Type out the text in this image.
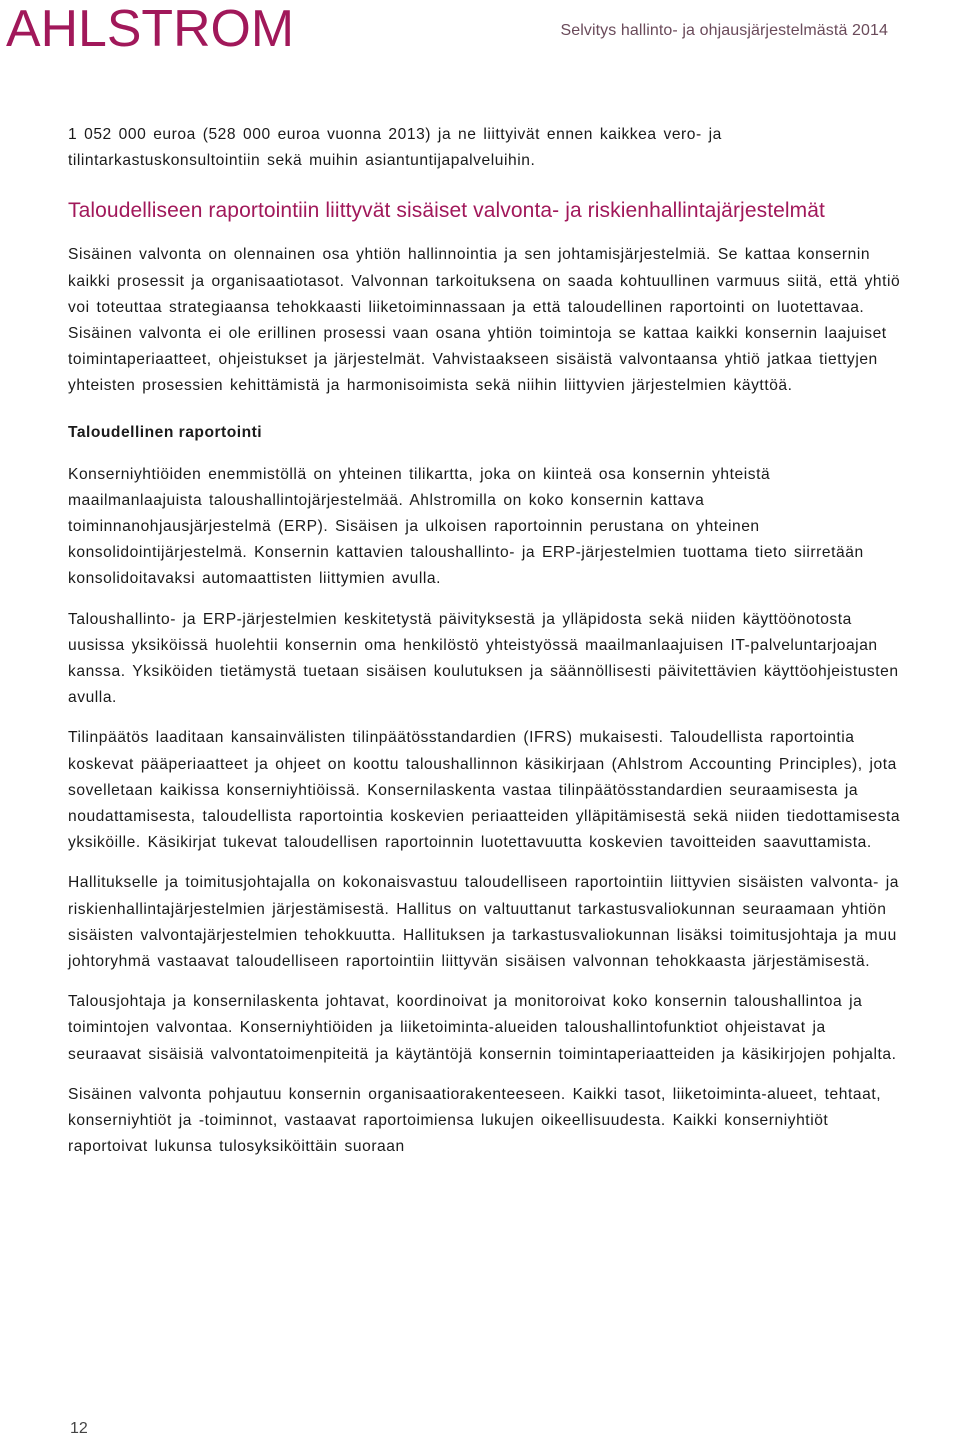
AHLSTROM	Selvitys hallinto- ja ohjausjärjestelmästä 2014

1 052 000 euroa (528 000 euroa vuonna 2013) ja ne liittyivät ennen kaikkea vero- ja tilintarkastuskonsultointiin sekä muihin asiantuntijapalveluihin.

Taloudelliseen raportointiin liittyvät sisäiset valvonta- ja riskienhallintajärjestelmät

Sisäinen valvonta on olennainen osa yhtiön hallinnointia ja sen johtamisjärjestelmiä. Se kattaa konsernin kaikki prosessit ja organisaatiotasot. Valvonnan tarkoituksena on saada kohtuullinen varmuus siitä, että yhtiö voi toteuttaa strategiaansa tehokkaasti liiketoiminnassaan ja että taloudellinen raportointi on luotettavaa. Sisäinen valvonta ei ole erillinen prosessi vaan osana yhtiön toimintoja se kattaa kaikki konsernin laajuiset toimintaperiaatteet, ohjeistukset ja järjestelmät. Vahvistaakseen sisäistä valvontaansa yhtiö jatkaa tiettyjen yhteisten prosessien kehittämistä ja harmonisoimista sekä niihin liittyvien järjestelmien käyttöä.

Taloudellinen raportointi

Konserniyhtiöiden enemmistöllä on yhteinen tilikartta, joka on kiinteä osa konsernin yhteistä maailmanlaajuista taloushallintojärjestelmää. Ahlstromilla on koko konsernin kattava toiminnanohjausjärjestelmä (ERP). Sisäisen ja ulkoisen raportoinnin perustana on yhteinen konsolidointijärjestelmä. Konsernin kattavien taloushallinto- ja ERP-järjestelmien tuottama tieto siirretään konsolidoitavaksi automaattisten liittymien avulla.

Taloushallinto- ja ERP-järjestelmien keskitetystä päivityksestä ja ylläpidosta sekä niiden käyttöönotosta uusissa yksiköissä huolehtii konsernin oma henkilöstö yhteistyössä maailmanlaajuisen IT-palveluntarjoajan kanssa. Yksiköiden tietämystä tuetaan sisäisen koulutuksen ja säännöllisesti päivitettävien käyttöohjeistusten avulla.

Tilinpäätös laaditaan kansainvälisten tilinpäätösstandardien (IFRS) mukaisesti. Taloudellista raportointia koskevat pääperiaatteet ja ohjeet on koottu taloushallinnon käsikirjaan (Ahlstrom Accounting Principles), jota sovelletaan kaikissa konserniyhtiöissä. Konsernilaskenta vastaa tilinpäätösstandardien seuraamisesta ja noudattamisesta, taloudellista raportointia koskevien periaatteiden ylläpitämisestä sekä niiden tiedottamisesta yksiköille. Käsikirjat tukevat taloudellisen raportoinnin luotettavuutta koskevien tavoitteiden saavuttamista.

Hallitukselle ja toimitusjohtajalla on kokonaisvastuu taloudelliseen raportointiin liittyvien sisäisten valvonta- ja riskienhallintajärjestelmien järjestämisestä. Hallitus on valtuuttanut tarkastusvaliokunnan seuraamaan yhtiön sisäisten valvontajärjestelmien tehokkuutta. Hallituksen ja tarkastusvaliokunnan lisäksi toimitusjohtaja ja muu johtoryhmä vastaavat taloudelliseen raportointiin liittyvän sisäisen valvonnan tehokkaasta järjestämisestä.

Talousjohtaja ja konsernilaskenta johtavat, koordinoivat ja monitoroivat koko konsernin taloushallintoa ja toimintojen valvontaa. Konserniyhtiöiden ja liiketoiminta-alueiden taloushallintofunktiot ohjeistavat ja seuraavat sisäisiä valvontatoimenpiteitä ja käytäntöjä konsernin toimintaperiaatteiden ja käsikirjojen pohjalta.

Sisäinen valvonta pohjautuu konsernin organisaatiorakenteeseen. Kaikki tasot, liiketoiminta-alueet, tehtaat, konserniyhtiöt ja -toiminnot, vastaavat raportoimiensa lukujen oikeellisuudesta. Kaikki konserniyhtiöt raportoivat lukunsa tulosyksiköittäin suoraan

12
